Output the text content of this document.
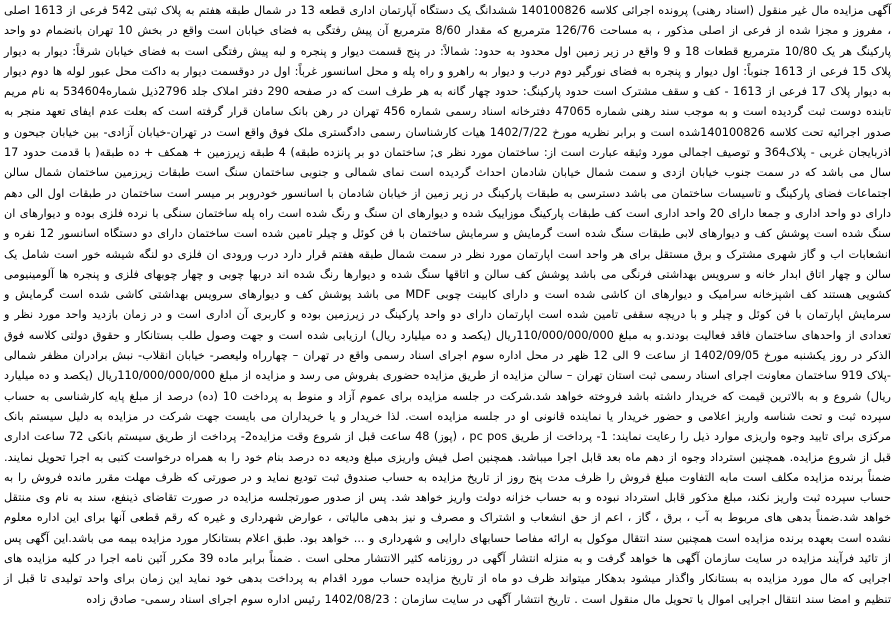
آگهی مزایده مال غیر منقول (اسناد رهنی) پرونده اجرائی کلاسه 140100826 ششدانگ یک دستگاه آپارتمان اداری قطعه 13 در شمال طبقه هفتم به پلاک ثبتی 542 فرعی از 1613 اصلی ، مفروز و مجزا شده از فرعی از اصلی مذکور ، به مساحت 126/76 مترمربع که مقدار 8/60 مترمربع آن پیش رفتگی به فضای خیابان است واقع در بخش 10 تهران بانضمام دو واحد پارکینگ هر یک 10/80 مترمربع قطعات 18 و 9 واقع در زیر زمین اول محدود به حدود: شمالاً: در پنج قسمت دیوار و پنجره و لبه پیش رفتگی است به فضای خیابان شرقاً: دیوار به دیوار پلاک 15 فرعی از 1613 جنوباً: اول دیوار و پنجره به فضای نورگیر دوم درب و دیوار به راهرو و راه پله و محل اسانسور غرباً: اول در دوقسمت دیوار به داکت محل عبور لوله ها دوم دیوار به دیوار پلاک 17 فرعی از 1613 - کف و سقف مشترک است حدود پارکینگ: حدود چهار گانه به هر طرف است که در صفحه 290 دفتر املاک جلد 2796ذیل شماره534604 به نام مریم تابنده دوست ثبت گردیده است و به موجب سند رهنی شماره 47065 دفترخانه اسناد رسمی شماره 456 تهران در رهن بانک سامان قرار گرفته است که بعلت عدم ایفای تعهد منجر به صدور اجرائیه تحت کلاسه 140100826شده است و برابر نظریه مورخ 1402/7/22 هیات کارشناسان رسمی دادگستری ملک فوق واقع است در تهران-خیابان آزادی- بین خیابان جیحون و اذربایجان غربی - پلاک364 و توصیف اجمالی مورد وثیقه عبارت است از: ساختمان مورد نظر ی; ساختمان دو بر پانزده طبقه) 4 طبقه زیرزمین + همکف + ده طبقه( با قدمت حدود 17 سال می باشد که در سمت جنوب خیابان ازدی و سمت شمال خیابان شادمان احداث گردیده است نمای شمالی و جنوبی ساختمان سنگ است طبقات زیرزمین ساختمان شمال سالن اجتماعات فضای پارکینگ و تاسیسات ساختمان می باشد دسترسی به طبقات پارکینگ در زیر زمین از خیابان شادمان با اسانسور خودروبر بر میسر است ساختمان در طبقات اول الی دهم دارای دو واحد اداری و جمعا دارای 20 واحد اداری است کف طبقات پارکینگ موزاییک شده و دیوارهای ان سنگ و رنگ شده است راه پله ساختمان سنگی با نرده فلزی بوده و دیوارهای ان سنگ شده است پوشش کف و دیوارهای لابی طبقات سنگ شده است گرمایش و سرمایش ساختمان با فن کوئل و چیلر تامین شده است ساختمان دارای دو دستگاه اسانسور 12 نفره و انشعابات اب و گاز شهری مشترک و برق مستقل برای هر واحد است اپارتمان مورد نظر در سمت شمال طبقه هفتم قرار دارد درب ورودی ان فلزی دو لنگه شیشه خور است شامل یک سالن و چهار اتاق ابدار خانه و سرویس بهداشتی فرنگی می باشد پوشش کف سالن و اتاقها سنگ شده و دیوارها رنگ شده اند دربها چوبی و چهار چوبهای فلزی و پنجره ها آلومینیومی کشویی هستند کف اشپزخانه سرامیک و دیوارهای ان کاشی شده است و دارای کابینت چوبی MDF می باشد پوشش کف و دیوارهای سرویس بهداشتی کاشی شده است گرمایش و سرمایش اپارتمان با فن کوئل و چیلر و با دریچه سقفی تامین شده است اپارتمان دارای دو واحد پارکینگ در زیرزمین بوده و کاربری آن اداری است و در زمان بازدید واحد مورد نظر و تعدادی از واحدهای ساختمان فاقد فعالیت بودند.و به مبلغ 110/000/000/000ریال (یکصد و ده میلیارد ریال) ارزیابی شده است و جهت وصول طلب بستانکار و حقوق دولتی کلاسه فوق الذکر در روز یکشنبه مورخ 1402/09/05 از ساعت 9 الی 12 ظهر در محل اداره سوم اجرای اسناد رسمی واقع در تهران – چهارراه ولیعصر- خیابان انقلاب- نبش برادران مظفر شمالی -پلاک 919 ساختمان معاونت اجرای اسناد رسمی ثبت استان تهران – سالن مزایده از طریق مزایده حضوری بفروش می رسد و مزایده از مبلغ 110/000/000/000ریال (یکصد و ده میلیارد ریال) شروع و به بالاترین قیمت که خریدار داشته باشد فروخته خواهد شد.شرکت در جلسه مزایده برای عموم آزاد و منوط به پرداخت 10 (ده) درصد از مبلغ پایه کارشناسی به حساب سپرده ثبت و تحت شناسه واریز اعلامی و حضور خریدار یا نماینده قانونی او در جلسه مزایده است. لذا خریدار و یا خریداران می بایست جهت شرکت در مزایده به دلیل سیستم بانک مرکزی برای تایید وجوه واریزی موارد ذیل را رعایت نمایند: 1- پرداخت از طریق pc pos ، (پوز) 48 ساعت قبل از شروع وقت مزایده2- پرداخت از طریق سیستم بانکی 72 ساعت اداری قبل از شروع مزایده. همچنین استرداد وجوه از دهم ماه بعد قابل اجرا میباشد. همچنین اصل فیش واریزی مبلغ ودیعه ده درصد بنام خود را به همراه درخواست کتبی به اجرا تحویل نمایند. ضمناً برنده مزایده مکلف است مابه التفاوت مبلغ فروش را ظرف مدت پنج روز از تاریخ مزایده به حساب صندوق ثبت تودیع نماید و در صورتی که ظرف مهلت مقرر مانده فروش را به حساب سپرده ثبت واریز نکند، مبلغ مذکور قابل استرداد نبوده و به حساب خزانه دولت واریز خواهد شد. پس از صدور صورتجلسه مزایده در صورت تقاضای ذینفع، سند به نام وی منتقل خواهد شد.ضمناً بدهی های مربوط به آب ، برق ، گاز ، اعم از حق انشعاب و اشتراک و مصرف و نیز بدهی مالیاتی ، عوارض شهرداری و غیره که رقم قطعی آنها برای این اداره معلوم نشده است بعهده برنده مزایده است همچنین سند انتقال موکول به ارائه مفاصا حسابهای دارایی و شهرداری و ... خواهد بود. طبق اعلام بستانکار مورد مزایده بیمه می باشد.این آگهی پس از تائید فرآیند مزایده در سایت سازمان آگهی ها خواهد گرفت و به منزله انتشار آگهی در روزنامه کثیر الانتشار محلی است . ضمناً برابر ماده 39 مکرر آئین نامه اجرا در کلیه مزایده های اجرایی که مال مورد مزایده به بستانکار واگذار میشود بدهکار میتواند ظرف دو ماه از تاریخ مزایده حساب مورد اقدام به پرداخت بدهی خود نماید این زمان برای واحد تولیدی تا قبل از تنظیم و امضا سند انتقال اجرایی اموال یا تحویل مال منقول است . تاریخ انتشار آگهی در سایت سازمان : 1402/08/23 رئیس اداره سوم اجرای اسناد رسمی- صادق زاده
